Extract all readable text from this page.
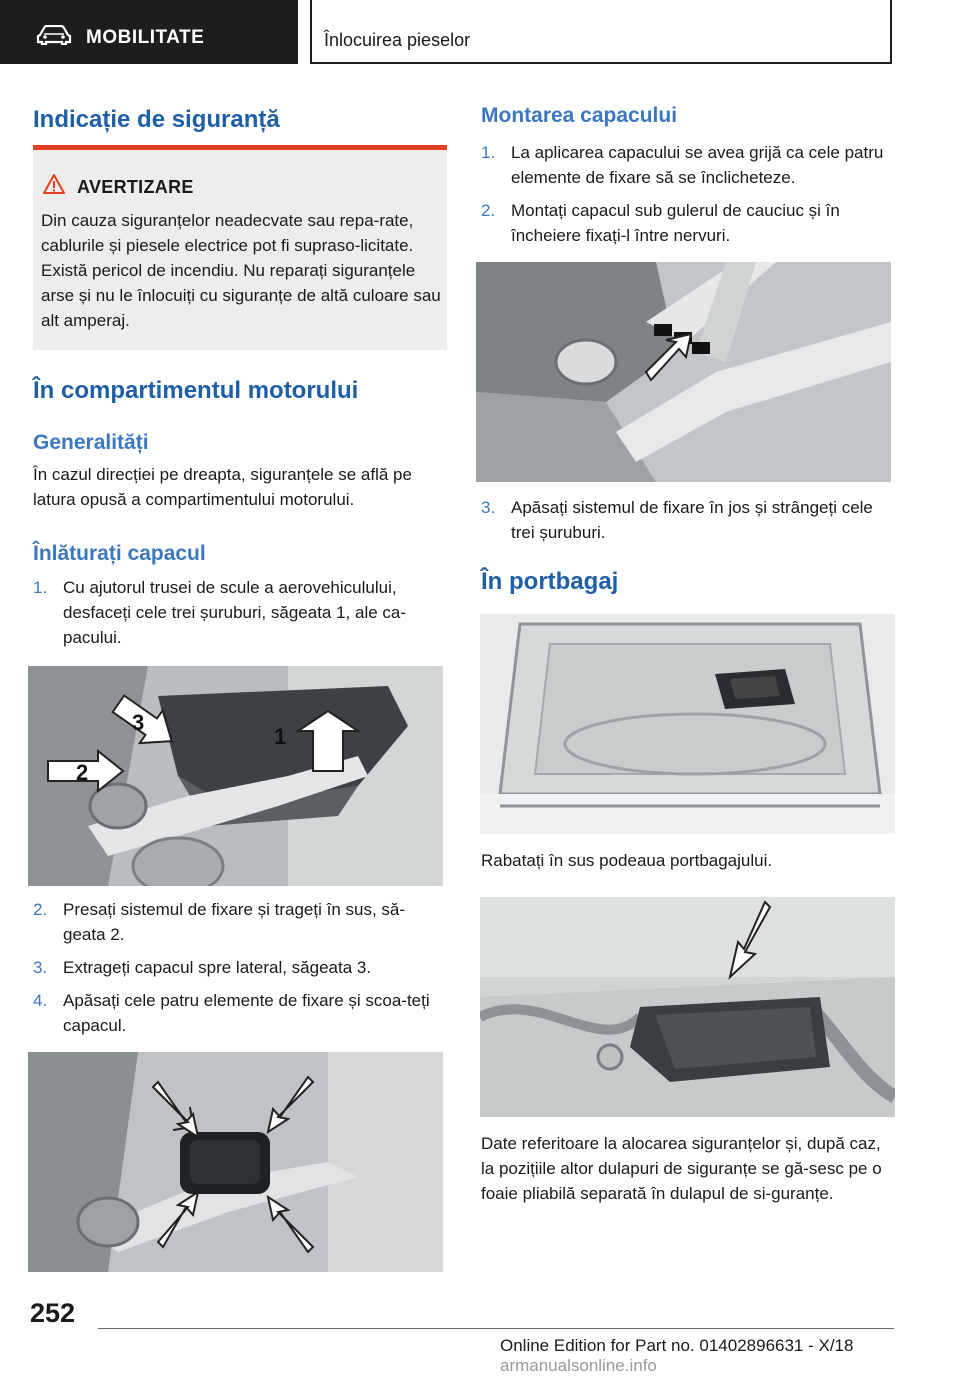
MOBILITATE	Înlocuirea pieselor
Indicație de siguranță
AVERTIZARE
Din cauza siguranțelor neadecvate sau repa-rate, cablurile și piesele electrice pot fi supraso-licitate. Există pericol de incendiu. Nu reparați siguranțele arse și nu le înlocuiți cu siguranțe de altă culoare sau alt amperaj.
În compartimentul motorului
Generalități

În cazul direcției pe dreapta, siguranțele se află pe latura opusă a compartimentului motorului.

Înlăturați capacul
1. Cu ajutorul trusei de scule a aerovehiculului, desfaceți cele trei șuruburi, săgeata 1, ale ca-pacului.
1
2
3
2. Presați sistemul de fixare și trageți în sus, să-geata 2.
3. Extrageți capacul spre lateral, săgeata 3.
4. Apăsați cele patru elemente de fixare și scoa-teți capacul.
Montarea capacului
1. La aplicarea capacului se avea grijă ca cele patru elemente de fixare să se înclicheteze.
2. Montați capacul sub gulerul de cauciuc și în încheiere fixați-l între nervuri.
3. Apăsați sistemul de fixare în jos și strângeți cele trei șuruburi.
În portbagaj

Rabatați în sus podeaua portbagajului.

Date referitoare la alocarea siguranțelor și, după caz, la pozițiile altor dulapuri de siguranțe se gă-sesc pe o foaie pliabilă separată în dulapul de si-guranțe.

252
Online Edition for Part no. 01402896631 - X/18 armanualsonline.info
